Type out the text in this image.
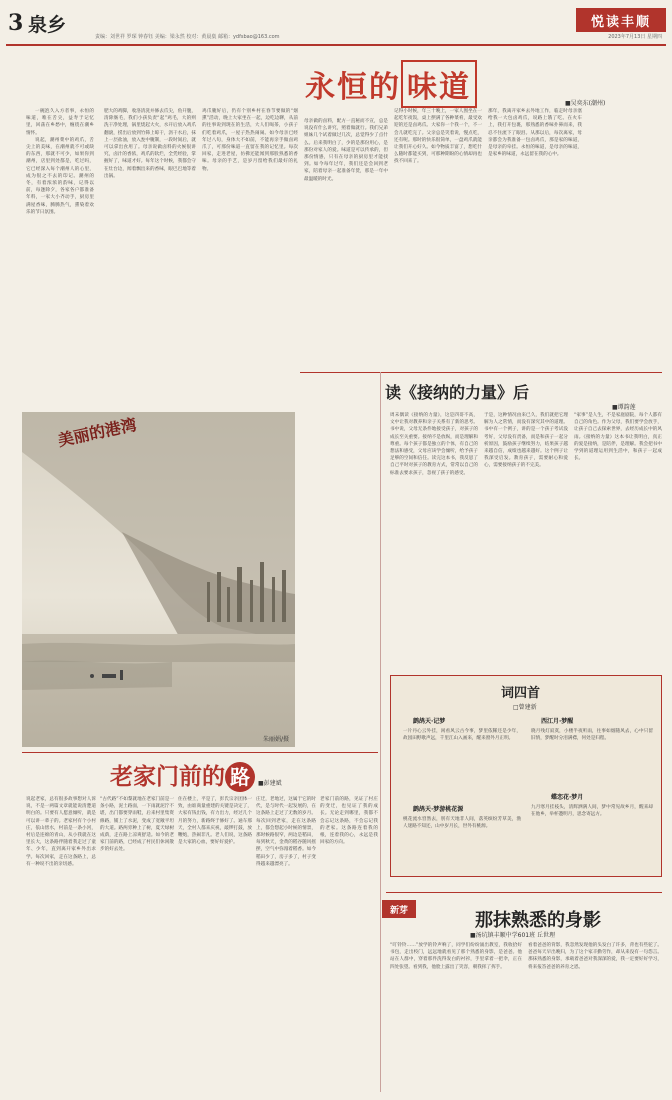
3 泉乡
责编：刘世祥 罗琛 钟春钰 美编：梁永然 校对：黄晨燊 邮箱：ydfsbao@163.com	2023年7月13日 星期四
悦读丰顺
永恒的 味道	■吴奕东(潮州)

一碗泡久入方者事，永恒的味道，唯在舌尖，益寿于记忆里，回荡在乡愁中，缠绕在潮乡情怀。

说起，潮州菜中的鸡爪，舌尖上的美味，在潮州就不可或缺的东西，那就不可少，如果你到潮州，店里到处都是，吃过吗，它已经深入每个潮州人的心里，成为很之不去的印记。潮州的冬，有着浓浓的韵味，记得以前，每逢除夕，各家各户都准备年料，一家大小齐动手，厨房里满屋香味，腾腾热气，熏染着欢乐的节日氛围。

肥大的鸡脚，收洛清洗并修去爪尖，鱼开腹，清除肠毛，我们小孩负责“起”鸡毛，大的则洗干净处理，锅里烧起大火，水开后放入鸡爪翻滚，捞出后放到竹筛上晾干，沥干水后，抹上一层盐油，放入瓮中腌制，一段时间后，就可以拿出食用了。母亲说做卤料的火候很讲究，卤汁的香浓，鸡爪的软烂，全凭经验，掌握好了，味道才好。每年这个时候，我都会守在灶台边，闻着飘出来的香味，眼巴巴地等着出锅。
鸡爪腌好后，仍有个别乡村在春节要做的“烟熏”活动，晚上大家坐在一起，边吃边聊，从前的往事说到现在的生活，大人们喝茶，小孩子们吃着鸡爪，一屋子热热闹闹。如今母亲已经年过八旬，身体大不如前，不能再亲手做卤鸡爪了，可那份味道一直留在我的记忆里。每次回家，走进老屋，仿佛还能闻到那股熟悉的香味。母亲的手艺，是岁月留给我们最好的礼物。
母亲做的卤料，配方一直秘而不宣，总是说没有什么讲究，照着做就行。我们兄弟姐妹几个试着做过几次，总觉得少了点什么。后来我明白了，少的是那份用心，是那份对家人的爱。味道是可以传承的，但那份情感，只有在母亲的厨房里才能找到。如今每年过年，我们还是会回到老家，陪着母亲一起准备年货，那是一年中最温暖的时光。
记得小时候，年三十晚上，一家人围坐在一起吃年夜饭，桌上摆满了各种菜肴，最受欢迎的还是卤鸡爪。大家你一个我一个，不一会儿就吃完了。父亲总是笑着说，慢点吃，还有呢。那时的快乐很简单，一盘鸡爪就能让我们开心好久。如今物质丰富了，想吃什么随时都能买到，可那种期盼的心情却再也找不回来了。
那年，我离开家乡去外地工作，临走时母亲塞给我一大包卤鸡爪，说路上饿了吃。在火车上，我打开包裹，那熟悉的香味扑鼻而来，我忍不住流下了眼泪。从那以后，每次离家，母亲都会为我准备一包卤鸡爪，那是家的味道，是母亲的牵挂。永恒的味道，是母亲的味道，是家乡的味道，永远留在我的心中。
美丽的港湾
朱丽娟/摄
老家门前的 路	■彭建斌
说起老家，总有很多故事想对人诉说，不是一两篇文章就能说清楚道明白的。只要有人愿意倾听，就是可以讲一辈子的。老家村有个小村庄，依山傍水，村前是一条小河，村后是连绵的青山，从小我就在这里长大，这条路伴随着我走过了童年、少年，直到离开家乡外出求学。每次回家，走在这条路上，总有一种说不出的亲切感。
“古代路”不如黎就地在老家门前是一条小路，泥土路面，一下雨就泥泞不堪，出门都要穿雨鞋，后来村里集资修路，铺上了水泥，变成了宽敞平坦的大道。路两旁种上了树，夏天绿树成荫，走在路上凉爽舒适。如今的老家门前的路，已经成了村民们休闲散步的好去处。
住在楼上，平是了，彭氏宗亲团体一致，由谁商量重建的关键是决定了，大家有钱出钱，有力出力，经过几个月的努力，新路终于修好了。通车那天，全村人都来庆祝，敲锣打鼓，放鞭炮，热闹非凡。老人们说，这条路是大家的心血，要好好爱护。
庄迁，老地过，这属于它的时代，是与时代一起发展的，在这条路上走过了无数的岁月。每次回到老家，走在这条路上，都会想起小时候的情景，那时候路很窄，两边是稻田，每到秋天，金黄的稻谷随风摇摆，空气中弥漫着稻香。如今稻田少了，房子多了，村子变得越来越漂亮了。
老家门前的路，见证了村庄的变迁，也见证了我的成长。无论走到哪里，我都不会忘记这条路，不会忘记我的老家。这条路连着我的根，连着我的心，永远是我回家的方向。
读《接纳的力量》后
■谭韵莲
周末偶读《接纳的力量》，这是四哥不高，文中让我对教养和亲子关系有了新的思考。书中说，父母无条件地接受孩子，对孩子的成长至关重要。接纳不是放纵，而是理解和尊重。每个孩子都是独立的个体，有自己的想法和感受，父母应该学会倾听，给予孩子足够的空间和信任。读完这本书，我反思了自己平时对孩子的教育方式，常常以自己的标准去要求孩子，忽视了孩子的感受。
于是，这种情况由来已久，我们就把它理解为人之常情，而没有深究其中的道理。书中有一个例子，讲的是一个孩子考试没考好，父母没有责备，而是和孩子一起分析原因，鼓励孩子继续努力，结果孩子越来越自信，成绩也越来越好。这个例子让我深受启发。教育孩子，需要耐心和爱心，需要接纳孩子的不完美。
“家事”是人生，不是家庭剧院，每个人都有自己的角色。作为父母，我们要学会放手，让孩子自己去探索世界，去经历成长中的风雨。《接纳的力量》这本书让我明白，真正的爱是接纳，是陪伴，是理解。我会把书中学到的道理运用到生活中，和孩子一起成长。
词四首
□曾建新
鹧鸪天·记梦
一片丹心云外挂，闲看风云古今事，梦里依稀还是少年，故园田野歌声远，千里江山入画来，醒来窗外月正明。
西江月·梦醒
晓月残灯寂寞，小楼半夜听雨，往事如烟随风去，心中只留旧情，梦醒时分泪满襟，何处是归程。
鹧鸪天·梦游桃花源
桃花流水窅然去，别有天地非人间，落英缤纷芳草美，渔人迷路不知还，山中岁月长，世外有桃源。
蝶恋花·梦月
九月寒月挂枝头，清辉洒满人间，梦中常见故乡月，醒来却在他乡，举杯邀明月，思念寄远方。
新芽	那抹熟悉的身影
■汤坑镇丰顺中学601班 丘世理
“叮铃铃……”放学的铃声响了，同学们纷纷涌出教室，我收拾好书包，走出校门，远远地就看见了那个熟悉的身影，是爸爸。他站在人群中，穿着那件洗得发白的衬衫，手里拿着一把伞，正在四处张望。看到我，他脸上露出了笑容，朝我挥了挥手。
看着爸爸的背影，我忽然发现他的头发白了许多，背也有些驼了。爸爸每天早出晚归，为了这个家辛勤劳作，却从来没有一句怨言。那抹熟悉的身影，承载着爸爸对我深深的爱，我一定要好好学习，将来报答爸爸的养育之恩。
